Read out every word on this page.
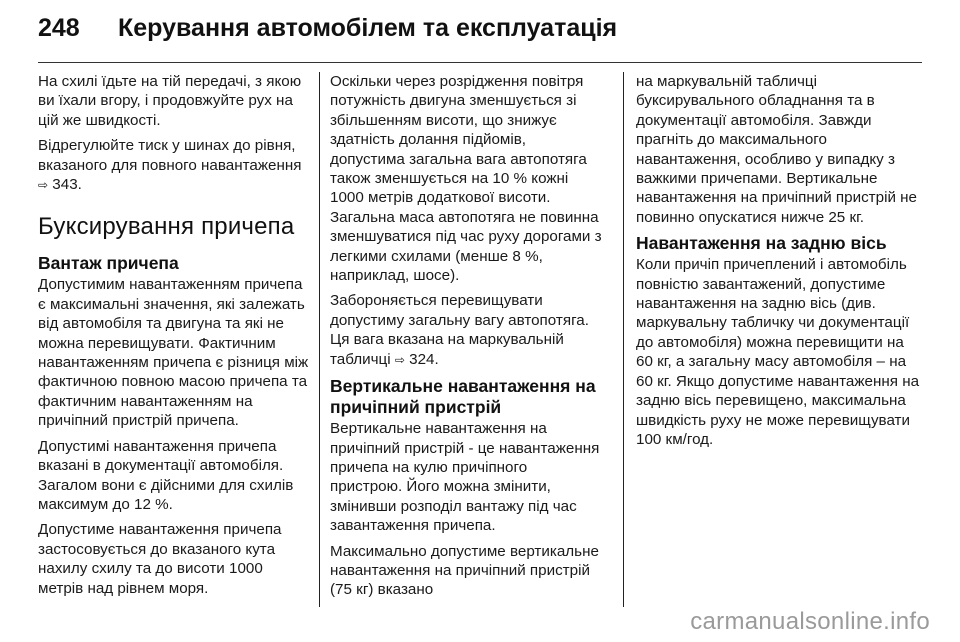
248 Керування автомобілем та експлуатація

На схилі їдьте на тій передачі, з якою ви їхали вгору, і продовжуйте рух на цій же швидкості.

Відрегулюйте тиск у шинах до рівня, вказаного для повного навантаження ⇨ 343.

Буксирування причепа
Вантаж причепа

Допустимим навантаженням причепа є максимальні значення, які залежать від автомобіля та двигуна та які не можна перевищувати. Фактичним навантаженням причепа є різниця між фактичною повною масою причепа та фактичним навантаженням на причіпний пристрій причепа.

Допустимі навантаження причепа вказані в документації автомобіля. Загалом вони є дійсними для схилів максимум до 12 %.

Допустиме навантаження причепа застосовується до вказаного кута нахилу схилу та до висоти 1000 метрів над рівнем моря.

Оскільки через розрідження повітря потужність двигуна зменшується зі збільшенням висоти, що знижує здатність долання підйомів, допустима загальна вага автопотяга також зменшується на 10 % кожні 1000 метрів додаткової висоти. Загальна маса автопотяга не повинна зменшуватися під час руху дорогами з легкими схилами (менше 8 %, наприклад, шосе).

Забороняється перевищувати допустиму загальну вагу автопотяга. Ця вага вказана на маркувальній табличці ⇨ 324.

Вертикальне навантаження на причіпний пристрій

Вертикальне навантаження на причіпний пристрій - це навантаження причепа на кулю причіпного пристрою. Його можна змінити, змінивши розподіл вантажу під час завантаження причепа.

Максимально допустиме вертикальне навантаження на причіпний пристрій (75 кг) вказано

на маркувальній табличці буксирувального обладнання та в документації автомобіля. Завжди прагніть до максимального навантаження, особливо у випадку з важкими причепами. Вертикальне навантаження на причіпний пристрій не повинно опускатися нижче 25 кг.

Навантаження на задню вісь

Коли причіп причеплений і автомобіль повністю завантажений, допустиме навантаження на задню вісь (див. маркувальну табличку чи документації до автомобіля) можна перевищити на 60 кг, а загальну масу автомобіля – на 60 кг. Якщо допустиме навантаження на задню вісь перевищено, максимальна швидкість руху не може перевищувати 100 км/год.

carmanualsonline.info
